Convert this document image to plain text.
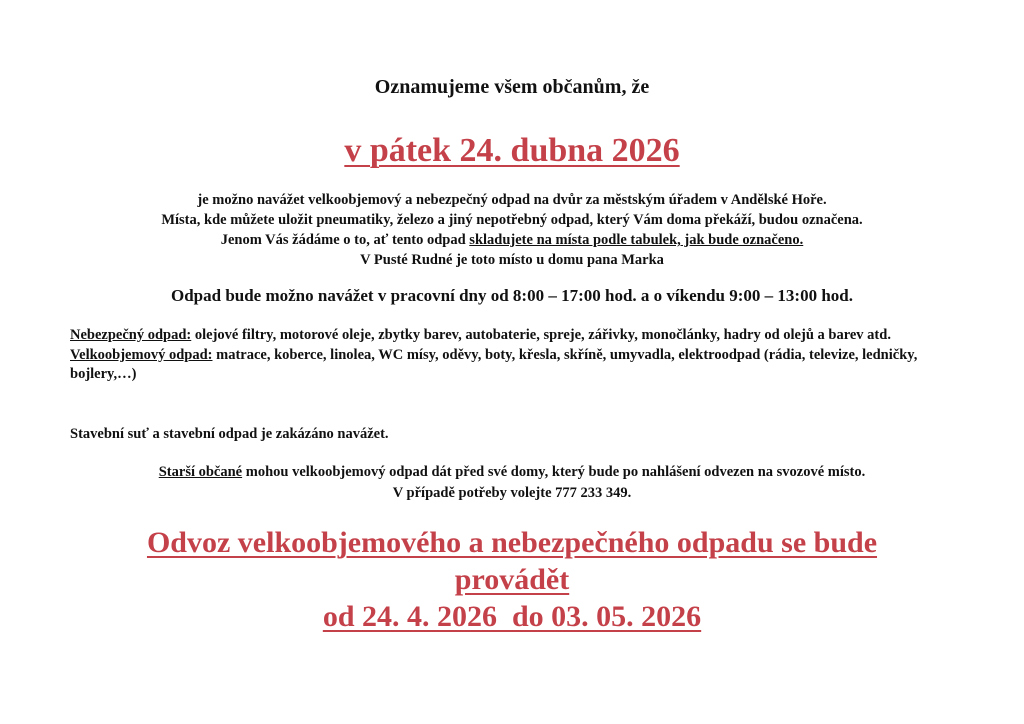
Oznamujeme všem občanům, že
v pátek 24. dubna 2026
je možno navážet velkoobjemový a nebezpečný odpad na dvůr za městským úřadem v Andělské Hoře.
Místa, kde můžete uložit pneumatiky, železo a jiný nepotřebný odpad, který Vám doma překáží, budou označena.
Jenom Vás žádáme o to, ať tento odpad skladujete na místa podle tabulek, jak bude označeno.
V Pusté Rudné je toto místo u domu pana Marka
Odpad bude možno navážet v pracovní dny od 8:00 – 17:00 hod. a o víkendu 9:00 – 13:00 hod.

Nebezpečný odpad: olejové filtry, motorové oleje, zbytky barev, autobaterie, spreje, zářivky, monočlánky, hadry od olejů a barev atd.

Velkoobjemový odpad: matrace, koberce, linolea, WC mísy, oděvy, boty, křesla, skříně, umyvadla, elektroodpad (rádia, televize, ledničky, bojlery,…)

Stavební suť a stavební odpad je zakázáno navážet.
Starší občané mohou velkoobjemový odpad dát před své domy, který bude po nahlášení odvezen na svozové místo.
V případě potřeby volejte 777 233 349.
Odvoz velkoobjemového a nebezpečného odpadu se bude
provádět
od 24. 4. 2026  do 03. 05. 2026
